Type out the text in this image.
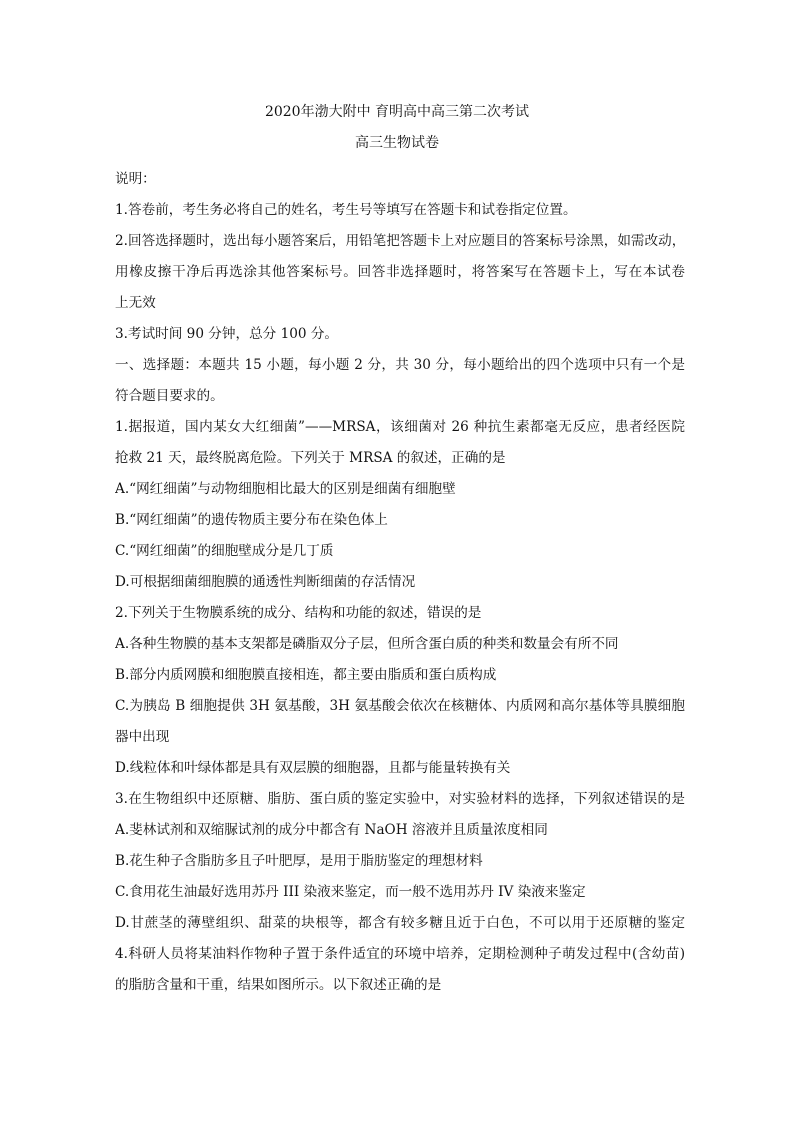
2020年渤大附中 育明高中高三第二次考试
高三生物试卷
说明：
1.答卷前，考生务必将自己的姓名，考生号等填写在答题卡和试卷指定位置。
2.回答选择题时，选出每小题答案后，用铅笔把答题卡上对应题目的答案标号涂黑，如需改动，
用橡皮擦干净后再选涂其他答案标号。回答非选择题时，将答案写在答题卡上，写在本试卷
上无效
3.考试时间 90 分钟，总分 100 分。
一、选择题：本题共 15 小题，每小题 2 分，共 30 分，每小题给出的四个选项中只有一个是
符合题目要求的。
1.据报道，国内某女大红细菌”——MRSA，该细菌对 26 种抗生素都毫无反应，患者经医院
抢救 21 天，最终脱离危险。下列关于 MRSA 的叙述，正确的是
A.“网红细菌”与动物细胞相比最大的区别是细菌有细胞壁
B.“网红细菌”的遗传物质主要分布在染色体上
C.“网红细菌”的细胞壁成分是几丁质
D.可根据细菌细胞膜的通透性判断细菌的存活情况
2.下列关于生物膜系统的成分、结构和功能的叙述，错误的是
A.各种生物膜的基本支架都是磷脂双分子层，但所含蛋白质的种类和数量会有所不同
B.部分内质网膜和细胞膜直接相连，都主要由脂质和蛋白质构成
C.为胰岛 B 细胞提供 3H 氨基酸，3H 氨基酸会依次在核糖体、内质网和高尔基体等具膜细胞
器中出现
D.线粒体和叶绿体都是具有双层膜的细胞器，且都与能量转换有关
3.在生物组织中还原糖、脂肪、蛋白质的鉴定实验中，对实验材料的选择，下列叙述错误的是
A.斐林试剂和双缩脲试剂的成分中都含有 NaOH 溶液并且质量浓度相同
B.花生种子含脂肪多且子叶肥厚，是用于脂肪鉴定的理想材料
C.食用花生油最好选用苏丹 III 染液来鉴定，而一般不选用苏丹 IV 染液来鉴定
D.甘蔗茎的薄壁组织、甜菜的块根等，都含有较多糖且近于白色，不可以用于还原糖的鉴定
4.科研人员将某油料作物种子置于条件适宜的环境中培养，定期检测种子萌发过程中(含幼苗)
的脂肪含量和干重，结果如图所示。以下叙述正确的是
